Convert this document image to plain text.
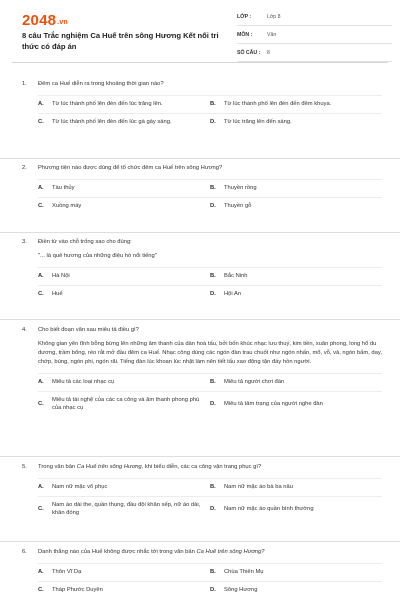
2048.vn
8 câu Trắc nghiệm Ca Huế trên sông Hương Kết nối tri thức có đáp án
LỚP :	Lớp 8
MÔN :	Văn
SỐ CÂU :	8
1.	Đêm ca Huế diễn ra trong khoảng thời gian nào?
A.	Từ lúc thành phố lên đèn đến lúc trăng lên.	B.	Từ lúc thành phố lên đèn đến đêm khuya.
C.	Từ lúc thành phố lên đèn đến lúc gà gáy sáng.	D.	Từ lúc trăng lên đến sáng.
2.	Phương tiện nào được dùng để tổ chức đêm ca Huế trên sông Hương?
A.	Tàu thủy	B.	Thuyền rồng
C.	Xuồng máy	D.	Thuyền gỗ
3.	Điền từ vào chỗ trống sao cho đúng:
"... là quê hương của những điệu hò nổi tiếng"
A.	Hà Nội	B.	Bắc Ninh
C.	Huế	D.	Hội An
4.	Cho biết đoạn văn sau miêu tả điều gì?
Không gian yên tĩnh bỗng bừng lên những âm thanh của dàn hoà tấu, bởi bốn khúc nhạc lưu thuỷ, kim tiền, xuân phong, long hổ du dương, trầm bổng, réo rắt mở đầu đêm ca Huế. Nhạc công dùng các ngón đàn trau chuốt như ngón nhấn, mổ, vỗ, vả, ngón bấm, day, chớp, búng, ngón phi, ngón rãi. Tiếng đàn lúc khoan lúc nhặt làm nên tiết tấu xao động tận đáy hồn người.
A.	Miêu tả các loại nhạc cụ	B.	Miêu tả người chơi đàn
C.
Miêu tả tài nghệ của các ca công và âm thanh phong phú của nhạc cụ
D.	Miêu tả tâm trạng của người nghe đàn
5.	Trong văn bản Ca Huế trên sông Hương, khi biểu diễn, các ca công vận trang phục gì?
A.	Nam nữ mặc võ phục	B.	Nam nữ mặc áo bà ba nâu
C.
Nam áo dài the, quần thụng, đầu đội khăn xếp, nữ áo dài, khăn đóng
D.	Nam nữ mặc áo quần bình thường
6.	Danh thắng nào của Huế không được nhắc tới trong văn bản Ca Huế trên sông Hương?
A.	Thôn Vĩ Dạ	B.	Chùa Thiên Mụ
C.	Tháp Phước Duyên	D.	Sông Hương
